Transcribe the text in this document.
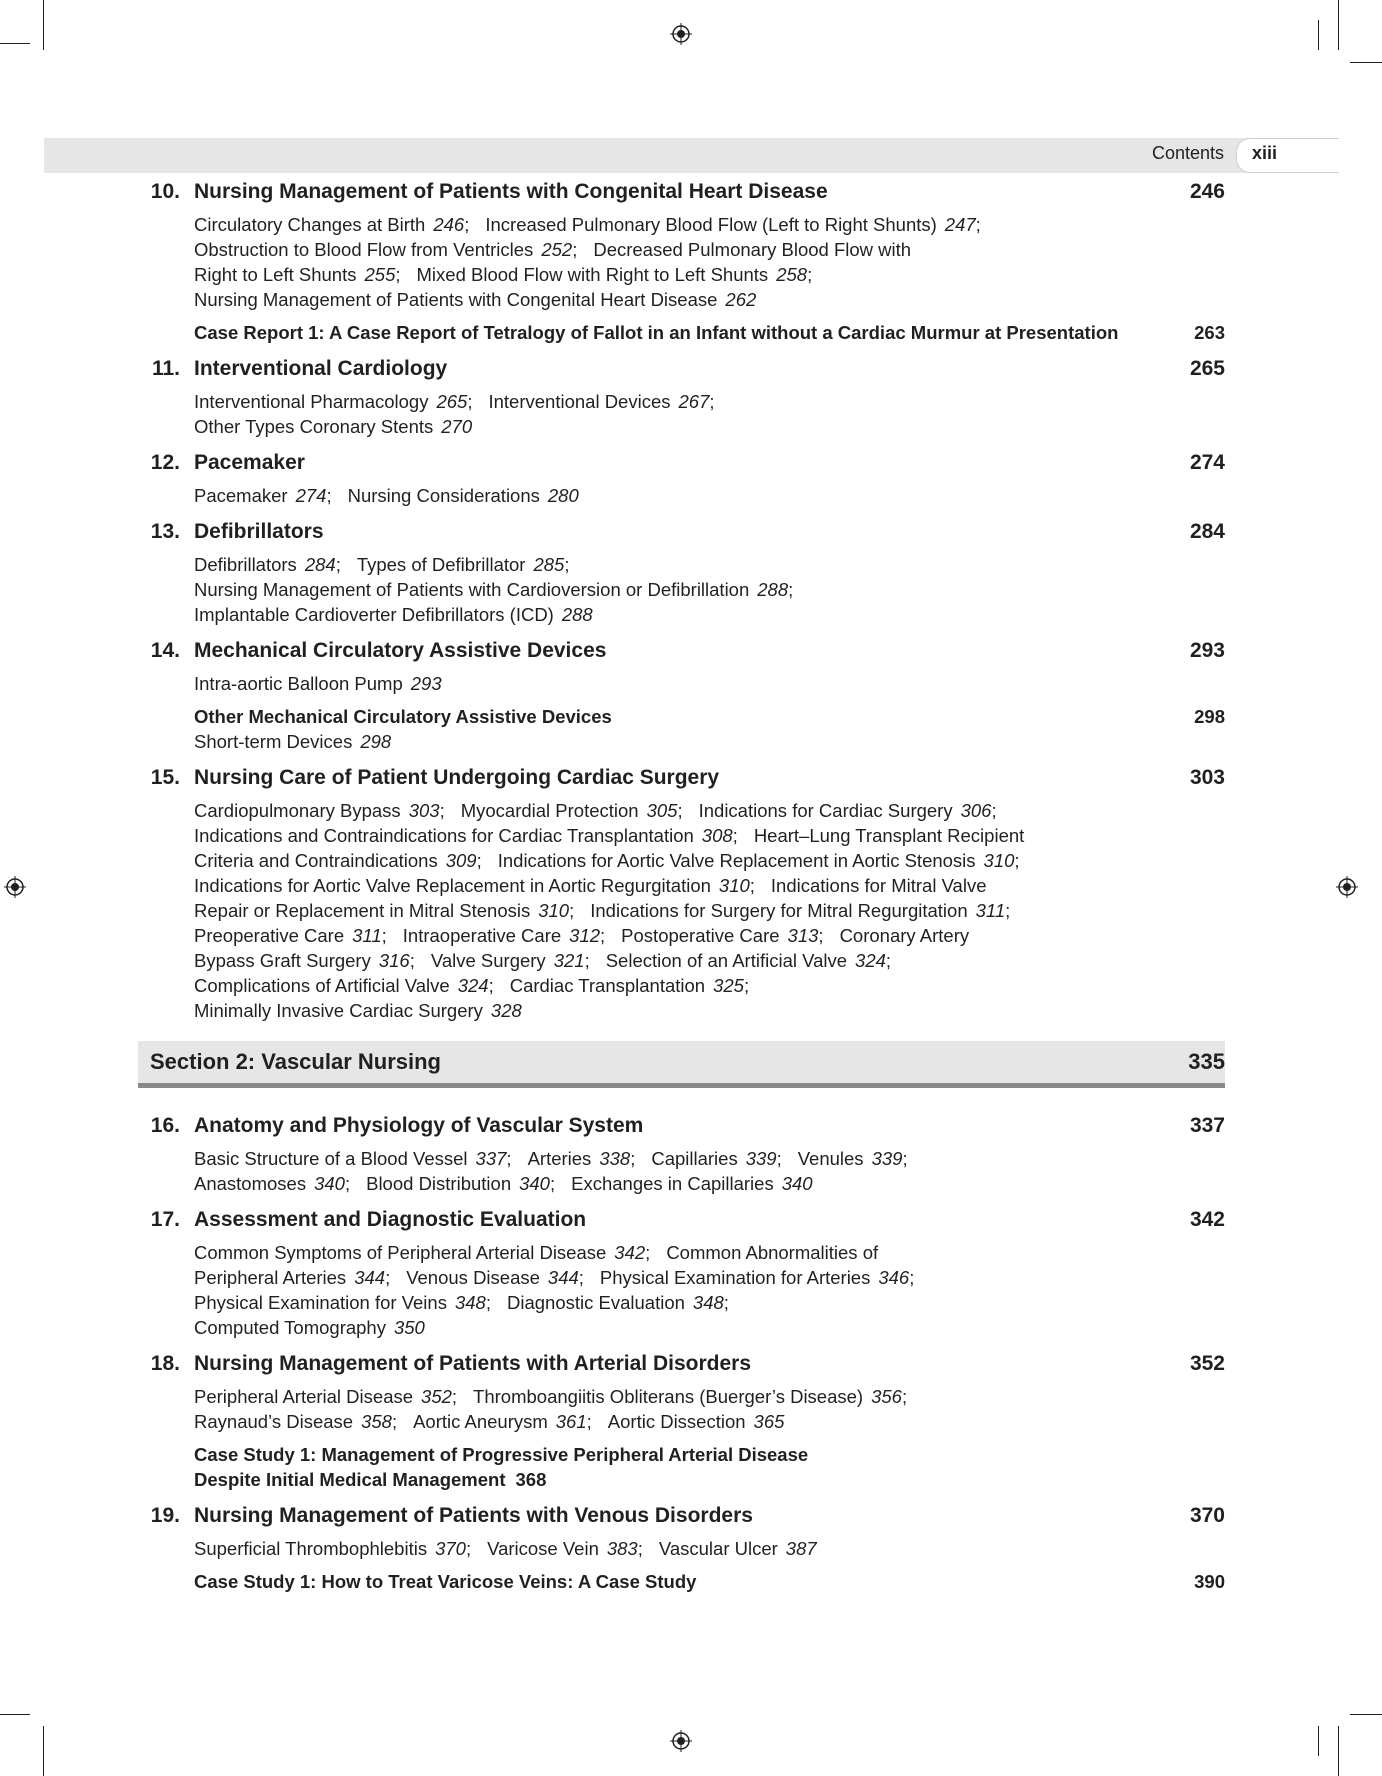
Contents xiii
10. Nursing Management of Patients with Congenital Heart Disease	246
Circulatory Changes at Birth 246; Increased Pulmonary Blood Flow (Left to Right Shunts) 247;
Obstruction to Blood Flow from Ventricles 252; Decreased Pulmonary Blood Flow with
Right to Left Shunts 255; Mixed Blood Flow with Right to Left Shunts 258;
Nursing Management of Patients with Congenital Heart Disease 262
Case Report 1: A Case Report of Tetralogy of Fallot in an Infant without a Cardiac Murmur at Presentation	263
11. Interventional Cardiology	265
Interventional Pharmacology 265; Interventional Devices 267;
Other Types Coronary Stents 270
12. Pacemaker	274
Pacemaker 274; Nursing Considerations 280
13. Defibrillators	284
Defibrillators 284; Types of Defibrillator 285;
Nursing Management of Patients with Cardioversion or Defibrillation 288;
Implantable Cardioverter Defibrillators (ICD) 288
14. Mechanical Circulatory Assistive Devices	293
Intra-aortic Balloon Pump 293
Other Mechanical Circulatory Assistive Devices	298
Short-term Devices 298
15. Nursing Care of Patient Undergoing Cardiac Surgery	303
Cardiopulmonary Bypass 303; Myocardial Protection 305; Indications for Cardiac Surgery 306;
Indications and Contraindications for Cardiac Transplantation 308; Heart–Lung Transplant Recipient
Criteria and Contraindications 309; Indications for Aortic Valve Replacement in Aortic Stenosis 310;
Indications for Aortic Valve Replacement in Aortic Regurgitation 310; Indications for Mitral Valve
Repair or Replacement in Mitral Stenosis 310; Indications for Surgery for Mitral Regurgitation 311;
Preoperative Care 311; Intraoperative Care 312; Postoperative Care 313; Coronary Artery
Bypass Graft Surgery 316; Valve Surgery 321; Selection of an Artificial Valve 324;
Complications of Artificial Valve 324; Cardiac Transplantation 325;
Minimally Invasive Cardiac Surgery 328
Section 2: Vascular Nursing	335
16. Anatomy and Physiology of Vascular System	337
Basic Structure of a Blood Vessel 337; Arteries 338; Capillaries 339; Venules 339;
Anastomoses 340; Blood Distribution 340; Exchanges in Capillaries 340
17. Assessment and Diagnostic Evaluation	342
Common Symptoms of Peripheral Arterial Disease 342; Common Abnormalities of
Peripheral Arteries 344; Venous Disease 344; Physical Examination for Arteries 346;
Physical Examination for Veins 348; Diagnostic Evaluation 348;
Computed Tomography 350
18. Nursing Management of Patients with Arterial Disorders	352
Peripheral Arterial Disease 352; Thromboangiitis Obliterans (Buerger’s Disease) 356;
Raynaud’s Disease 358; Aortic Aneurysm 361; Aortic Dissection 365
Case Study 1: Management of Progressive Peripheral Arterial Disease
Despite Initial Medical Management 368
19. Nursing Management of Patients with Venous Disorders	370
Superficial Thrombophlebitis 370; Varicose Vein 383; Vascular Ulcer 387
Case Study 1: How to Treat Varicose Veins: A Case Study	390
